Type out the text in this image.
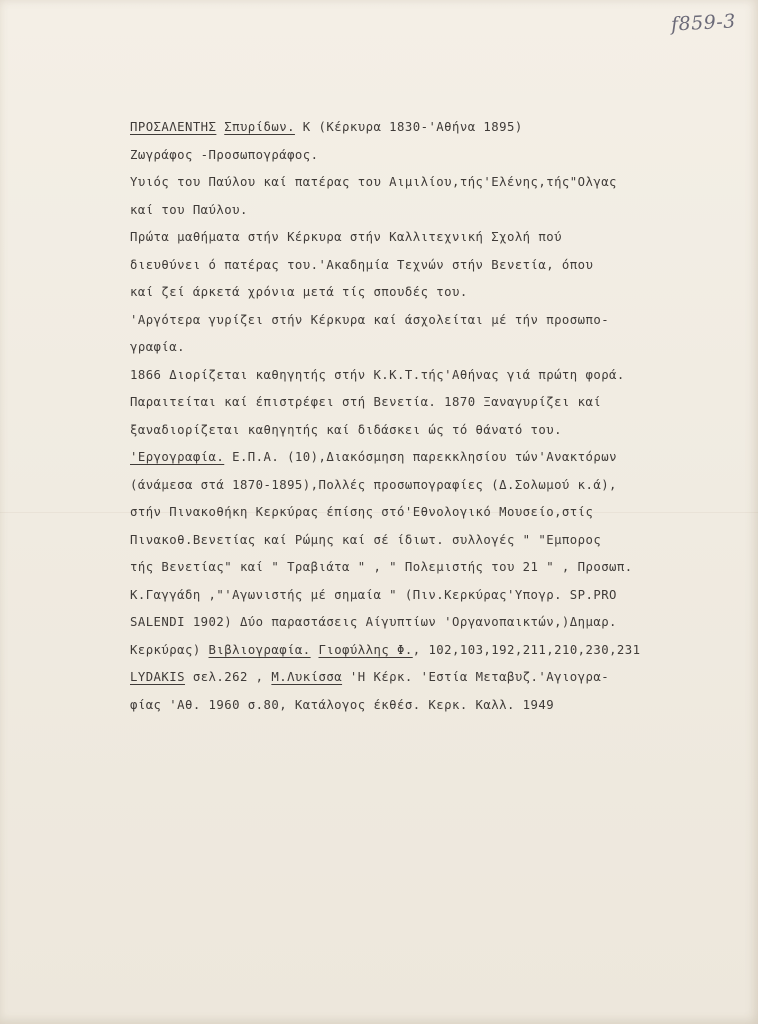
f859-3
ΠΡΟΣΑΛΕΝΤΗΣ Σπυρίδων. Κ (Κέρκυρα 1830-'Αθήνα 1895)
Ζωγράφος -Προσωπογράφος.
Υυιός του Παύλου καί πατέρας του Αιμιλίου,τής'Ελένης,τής"Ολγας
καί του Παύλου.
Πρώτα μαθήματα στήν Κέρκυρα στήν Καλλιτεχνική Σχολή πού
διευθύνει ό πατέρας του.'Ακαδημία Τεχνών στήν Βενετία, όπου
καί ζεί άρκετά χρόνια μετά τίς σπουδές του.
'Αργότερα γυρίζει στήν Κέρκυρα καί άσχολείται μέ τήν προσωπο-
γραφία.
1866 Διορίζεται καθηγητής στήν Κ.Κ.Τ.τής'Αθήνας γιά πρώτη φορά.
Παραιτείται καί έπιστρέφει στή Βενετία. 1870 Ξαναγυρίζει καί
ξαναδιορίζεται καθηγητής καί διδάσκει ώς τό θάνατό του.
'Εργογραφία. Ε.Π.Α. (10),Διακόσμηση παρεκκλησίου τών'Ανακτόρων
(άνάμεσα στά 1870-1895),Πολλές προσωπογραφίες (Δ.Σολωμού κ.ά),
στήν Πινακοθήκη Κερκύρας έπίσης στό'Εθνολογικό Μουσείο,στίς
Πινακοθ.Βενετίας καί Ρώμης καί σέ ίδιωτ. συλλογές " "Εμπορος
τής Βενετίας" καί " Τραβιάτα " , " Πολεμιστής του 21 " , Προσωπ.
Κ.Γαγγάδη ,"'Αγωνιστής μέ σημαία " (Πιν.Κερκύρας'Υπογρ. SP.PRO
SALENDI 1902) Δύο παραστάσεις Αίγυπτίων 'Οργανοπαικτών,)Δημαρ.
Κερκύρας) Βιβλιογραφία. Γιοφύλλης Φ., 102,103,192,211,210,230,231
LYDAKIS σελ.262 , Μ.Λυκίσσα 'Η Κέρκ. 'Εστία Μεταβυζ.'Αγιογρα-
φίας 'Αθ. 1960 σ.80, Κατάλογος έκθέσ. Κερκ. Καλλ. 1949
